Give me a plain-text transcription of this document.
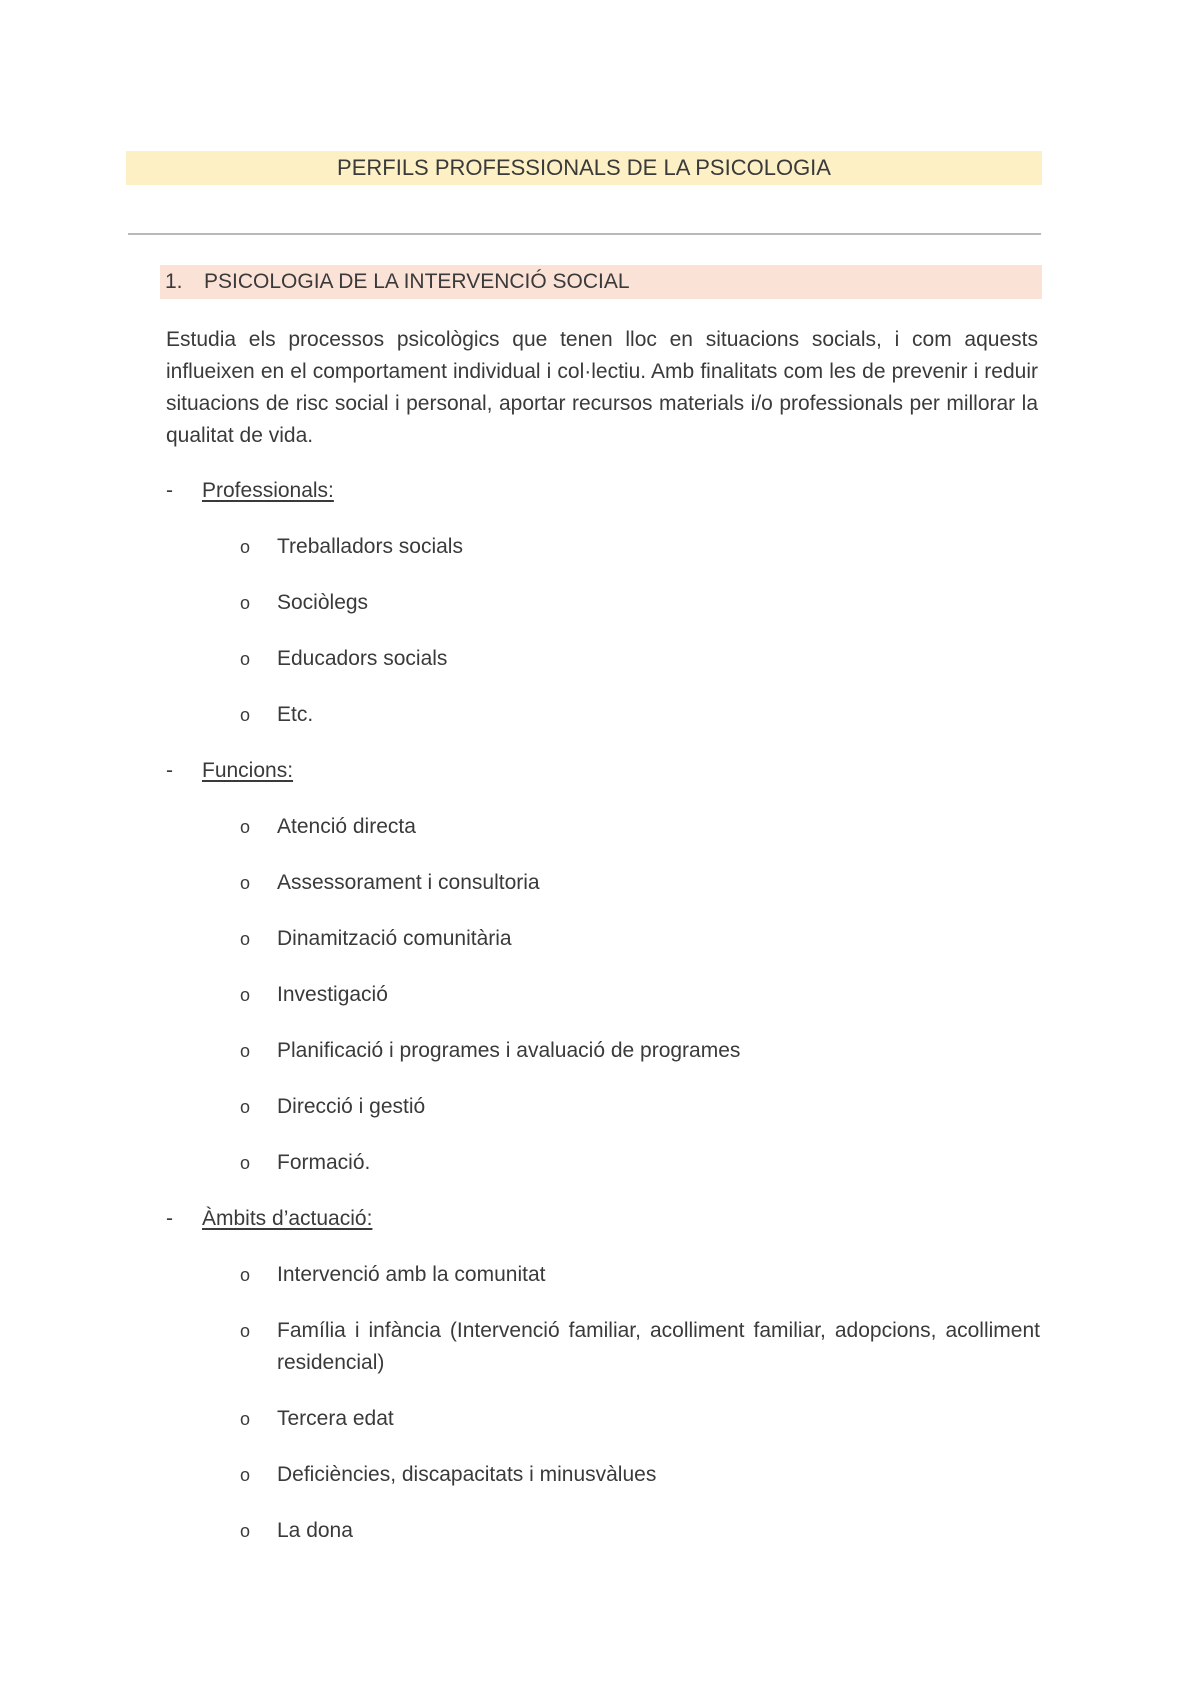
PERFILS PROFESSIONALS DE LA PSICOLOGIA
1. PSICOLOGIA DE LA INTERVENCIÓ SOCIAL
Estudia els processos psicològics que tenen lloc en situacions socials, i com aquests influeixen en el comportament individual i col·lectiu. Amb finalitats com les de prevenir i reduir situacions de risc social i personal, aportar recursos materials i/o professionals per millorar la qualitat de vida.
- Professionals:
o Treballadors socials
o Sociòlegs
o Educadors socials
o Etc.
- Funcions:
o Atenció directa
o Assessorament i consultoria
o Dinamització comunitària
o Investigació
o Planificació i programes i avaluació de programes
o Direcció i gestió
o Formació.
- Àmbits d’actuació:
o Intervenció amb la comunitat
o Família i infància (Intervenció familiar, acolliment familiar, adopcions, acolliment residencial)
o Tercera edat
o Deficiències, discapacitats i minusvàlues
o La dona
